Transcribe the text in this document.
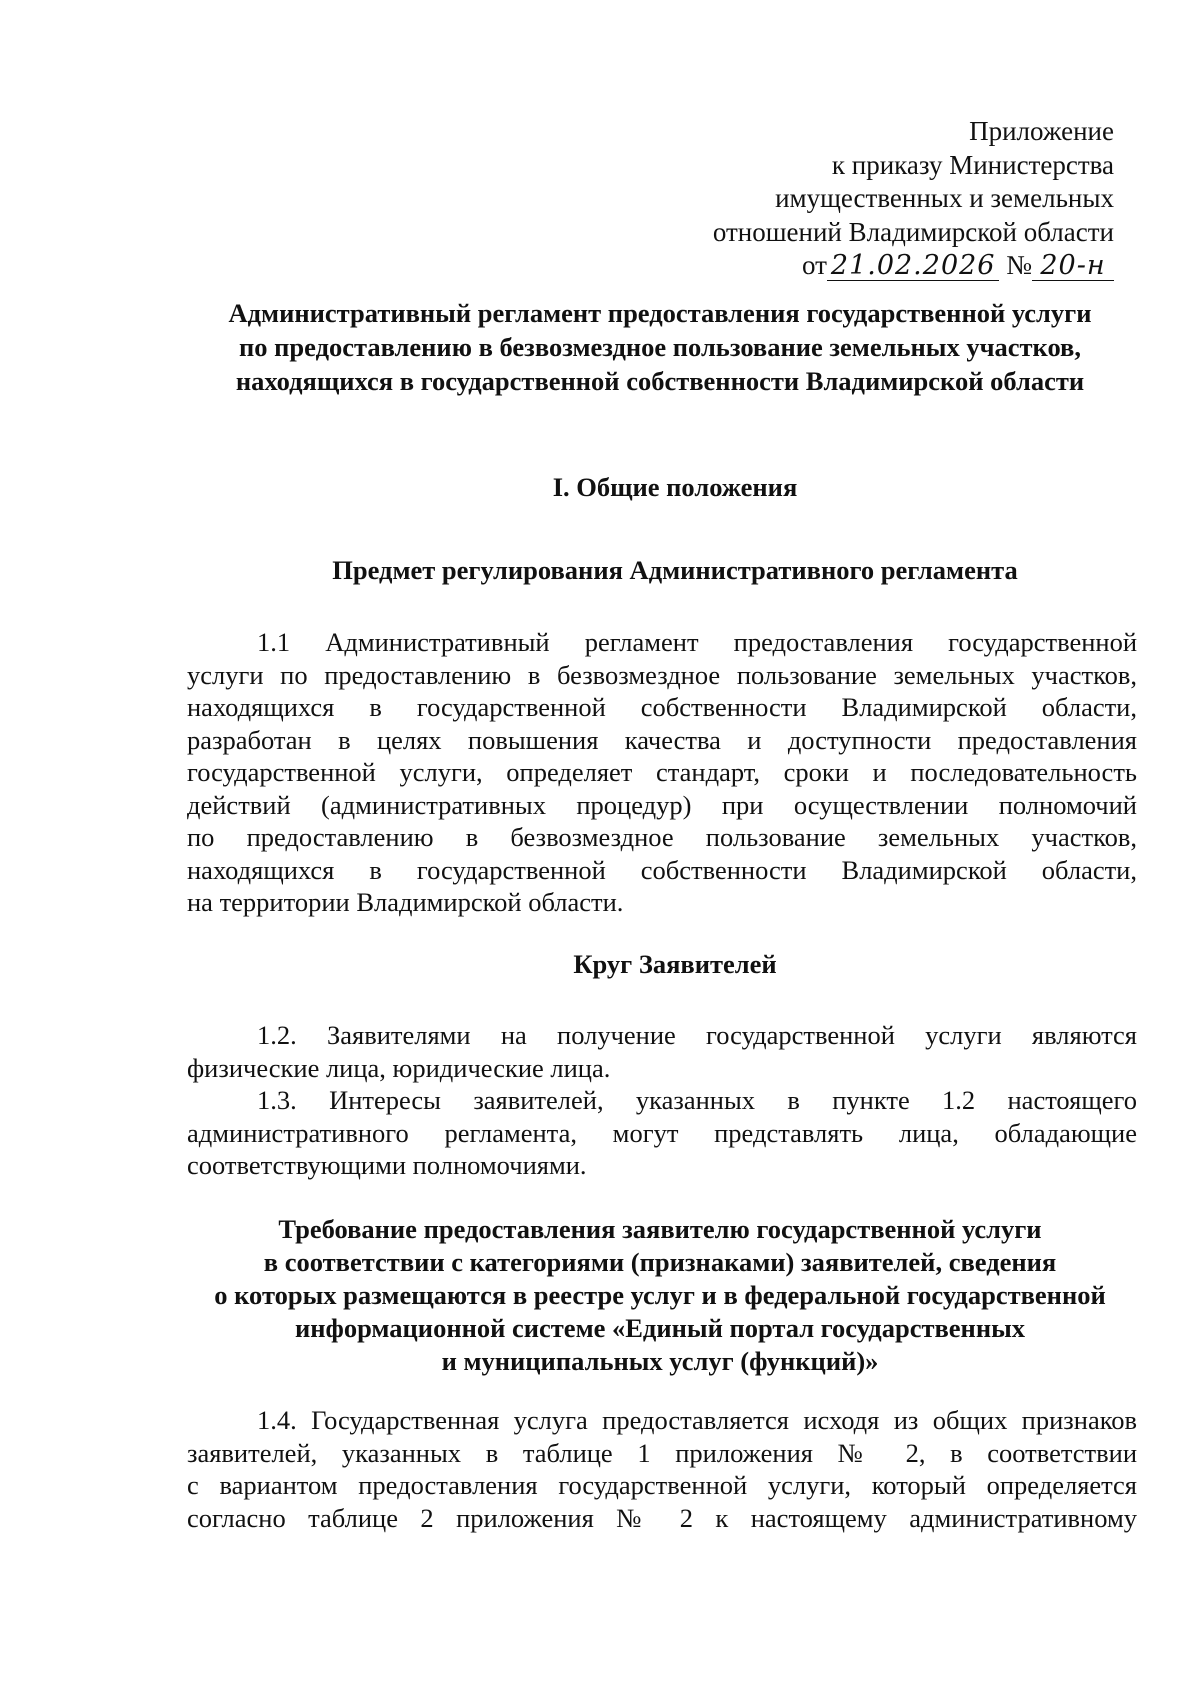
Приложение
к приказу Министерства
имущественных и земельных
отношений Владимирской области
от 21.02.2026 № 20-н
Административный регламент предоставления государственной услуги
по предоставлению в безвозмездное пользование земельных участков,
находящихся в государственной собственности Владимирской области
I. Общие положения
Предмет регулирования Административного регламента
1.1 Административный регламент предоставления государственной
услуги по предоставлению в безвозмездное пользование земельных участков,
находящихся в государственной собственности Владимирской области,
разработан в целях повышения качества и доступности предоставления
государственной услуги, определяет стандарт, сроки и последовательность
действий (административных процедур) при осуществлении полномочий
по предоставлению в безвозмездное пользование земельных участков,
находящихся в государственной собственности Владимирской области,
на территории Владимирской области.
Круг Заявителей
1.2. Заявителями на получение государственной услуги являются
физические лица, юридические лица.
1.3. Интересы заявителей, указанных в пункте 1.2 настоящего
административного регламента, могут представлять лица, обладающие
соответствующими полномочиями.
Требование предоставления заявителю государственной услуги
в соответствии с категориями (признаками) заявителей, сведения
о которых размещаются в реестре услуг и в федеральной государственной
информационной системе «Единый портал государственных
и муниципальных услуг (функций)»
1.4. Государственная услуга предоставляется исходя из общих признаков
заявителей, указанных в таблице 1 приложения № 2, в соответствии
с вариантом предоставления государственной услуги, который определяется
согласно таблице 2 приложения № 2 к настоящему административному
